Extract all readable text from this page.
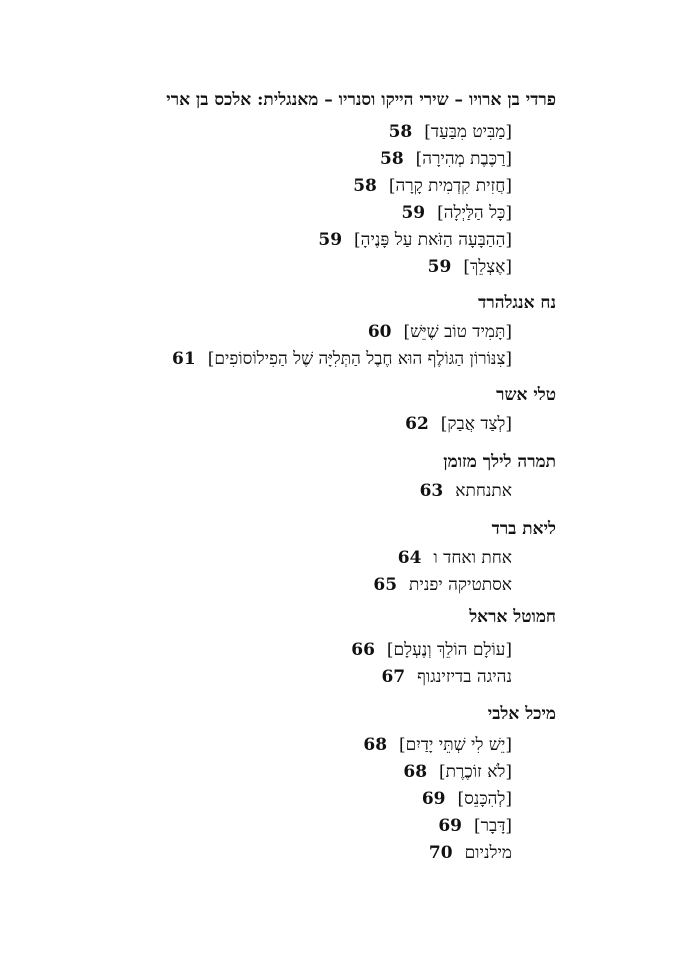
פרדי בן ארויו – שירי הייקו וסנריו – מאנגלית: אלכס בן ארי
[מַבִּיט מִבַּעַד]58
[רַכֶּבֶת מְהִירָה]58
[חֲזִית קִדְמִית קָרָה]58
[כָּל הַלַּיְלָה]59
[הַהַבָּעָה הַזֹּאת עַל פָּנֶיהָ]59
[אֶצְלֵךְ]59
נח אנגלהרד
[תָּמִיד טוֹב שֶׁיֵּשׁ]60
[צִנּוֹרוֹן הַגּוֹלֶף הוּא חֶבֶל הַתְּלִיָּה שֶׁל הַפִילוֹסוֹפִים]61
טלי אשר
[לְצַד אֲבַק]62
תמרה לילך מזומן
אתנחתא63
ליאת ברד
אחת ואחד ו64
אסתטיקה יפנית65
חמוטל אראל
[עוֹלָם הוֹלֵךְ וְנֶעְלָם]66
נהיגה בדיזינגוף67
מיכל אלבי
[יֵשׁ לִי שְׁתֵּי יָדַיִם]68
[לֹא זוֹכֶרֶת]68
[לְהִכָּנֵס]69
[דָּבָר]69
מילניום70
